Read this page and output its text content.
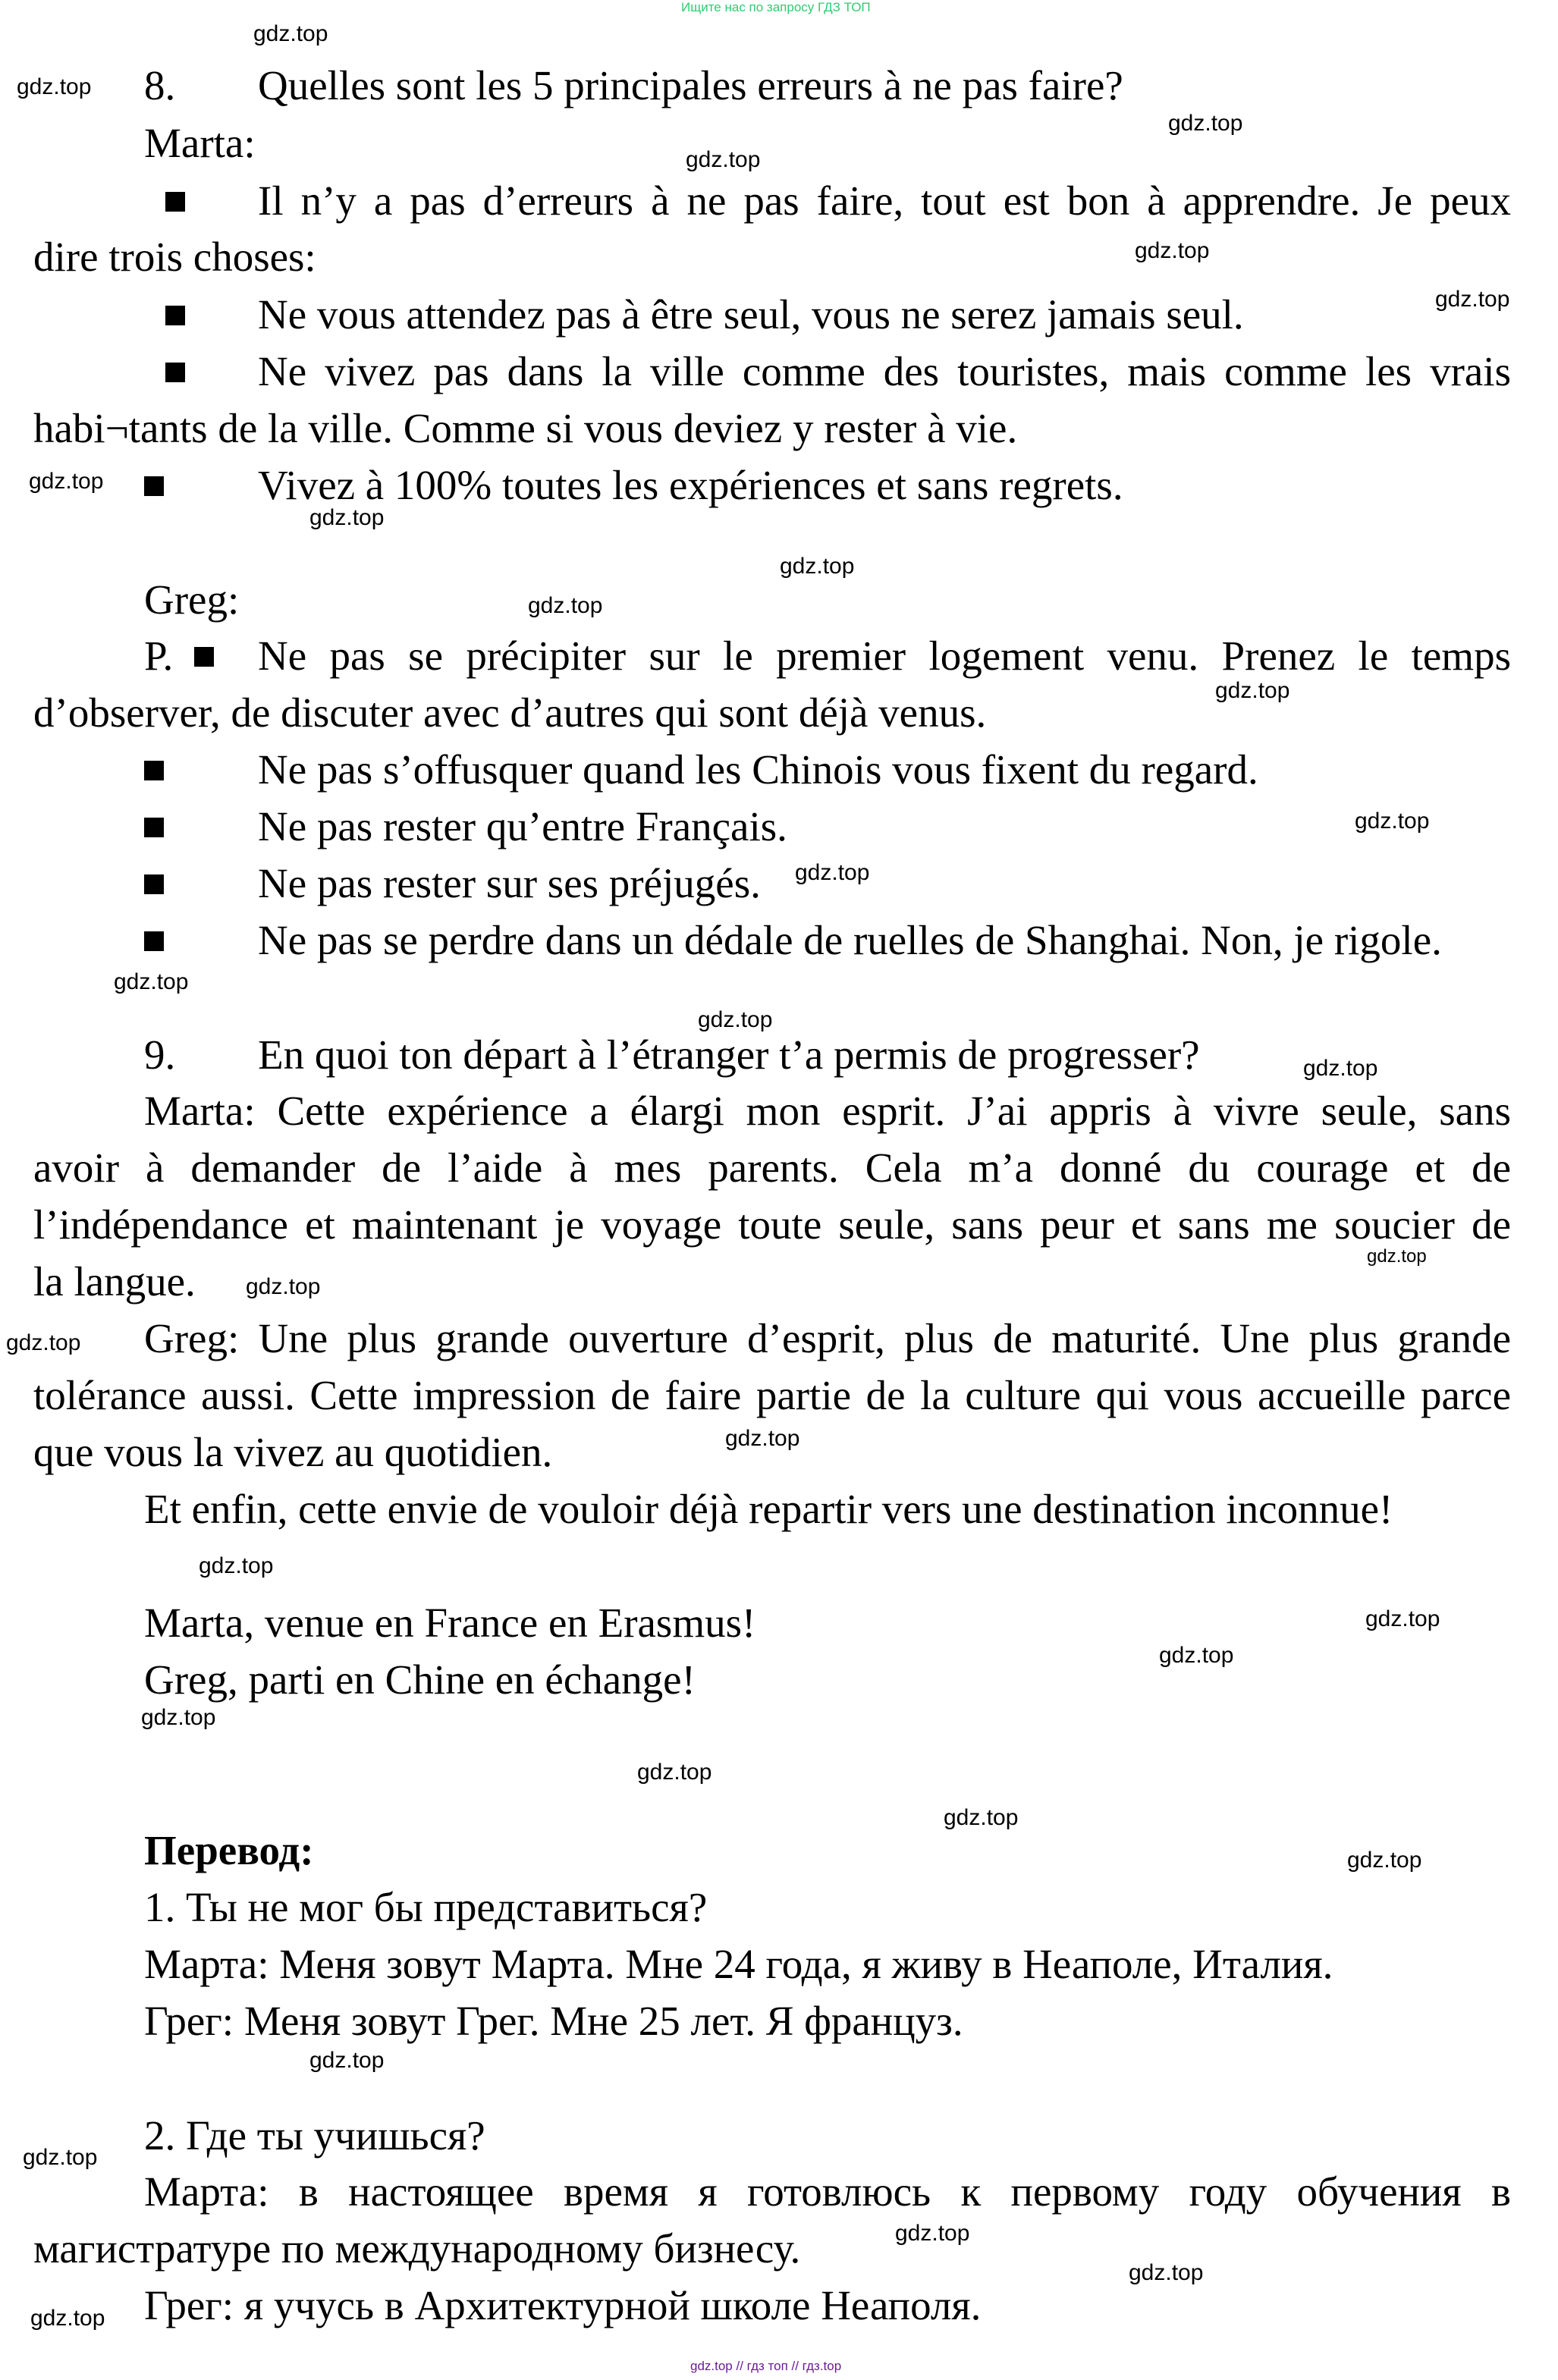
Ищите нас по запросу ГДЗ ТОП
8. Quelles sont les 5 principales erreurs à ne pas faire?
Marta:
Il n’y a pas d’erreurs à ne pas faire, tout est bon à apprendre. Je peux
dire trois choses:
Ne vous attendez pas à être seul, vous ne serez jamais seul.
Ne vivez pas dans la ville comme des touristes, mais comme les vrais
habi¬tants de la ville. Comme si vous deviez y rester à vie.
Vivez à 100% toutes les expériences et sans regrets.
Greg:
P. Ne pas se précipiter sur le premier logement venu. Prenez le temps
d’observer, de discuter avec d’autres qui sont déjà venus.
Ne pas s’offusquer quand les Chinois vous fixent du regard.
Ne pas rester qu’entre Français.
Ne pas rester sur ses préjugés.
Ne pas se perdre dans un dédale de ruelles de Shanghai. Non, je rigole.
9. En quoi ton départ à l’étranger t’a permis de progresser?
Marta: Cette expérience a élargi mon esprit. J’ai appris à vivre seule, sans
avoir à demander de l’aide à mes parents. Cela m’a donné du courage et de
l’indépendance et maintenant je voyage toute seule, sans peur et sans me soucier de
la langue.
Greg: Une plus grande ouverture d’esprit, plus de maturité. Une plus grande
tolérance aussi. Cette impression de faire partie de la culture qui vous accueille parce
que vous la vivez au quotidien.
Et enfin, cette envie de vouloir déjà repartir vers une destination inconnue!
Marta, venue en France en Erasmus!
Greg, parti en Chine en échange!
Перевод:
1. Ты не мог бы представиться?
Марта: Меня зовут Марта. Мне 24 года, я живу в Неаполе, Италия.
Грег: Меня зовут Грег. Мне 25 лет. Я француз.
2. Где ты учишься?
Марта: в настоящее время я готовлюсь к первому году обучения в
магистратуре по международному бизнесу.
Грег: я учусь в Архитектурной школе Неаполя.
gdz.top
gdz.top
gdz.top
gdz.top
gdz.top
gdz.top
gdz.top
gdz.top
gdz.top
gdz.top
gdz.top
gdz.top
gdz.top
gdz.top
gdz.top
gdz.top
gdz.top
gdz.top
gdz.top
gdz.top
gdz.top
gdz.top
gdz.top
gdz.top
gdz.top
gdz.top
gdz.top
gdz.top
gdz.top
gdz.top
gdz.top
gdz.top
gdz.top // гдз топ // гдз.top
